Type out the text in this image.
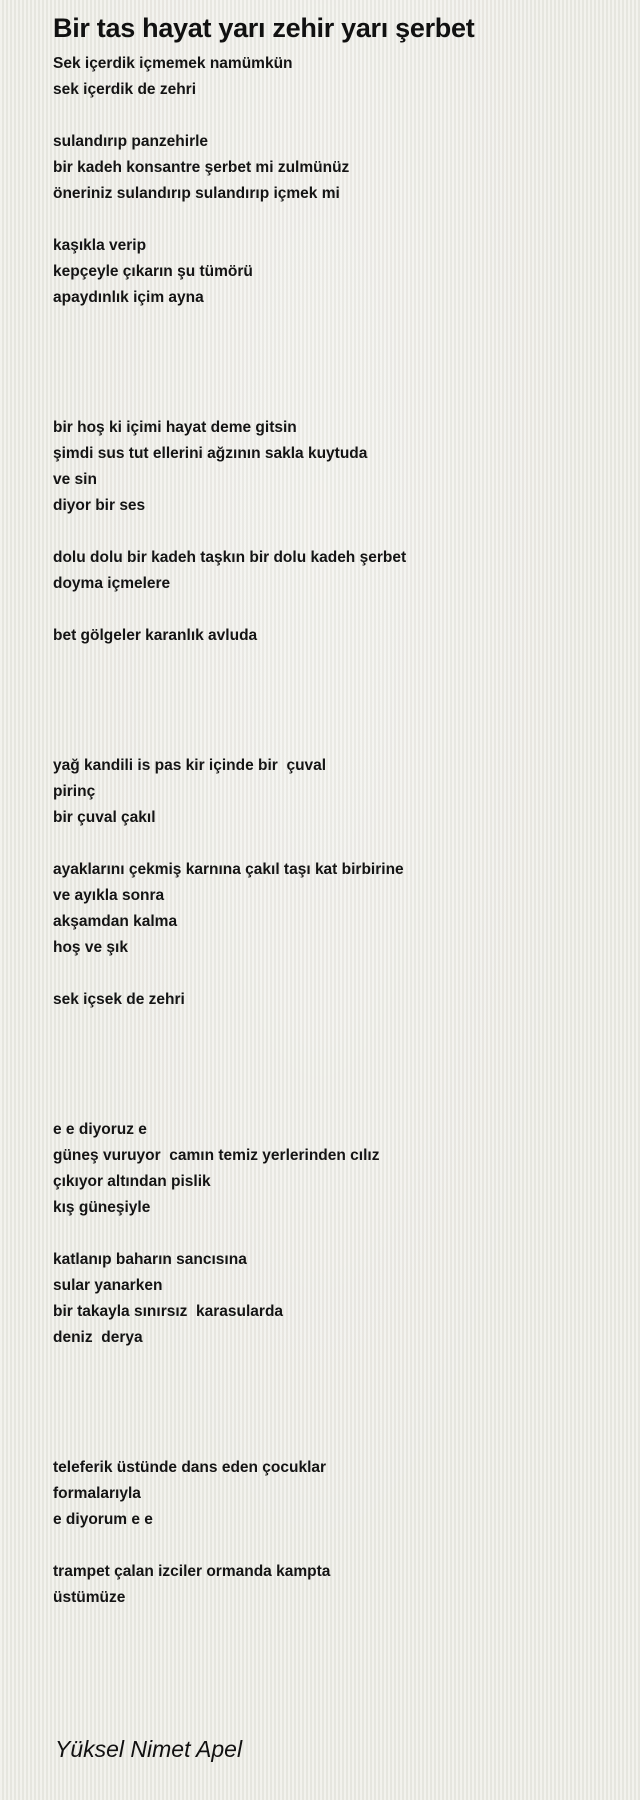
Bir tas hayat yarı zehir yarı şerbet
Sek içerdik içmemek namümkün
sek içerdik de zehri
sulandırıp panzehirle
bir kadeh konsantre şerbet mi zulmünüz
öneriniz sulandırıp sulandırıp içmek mi
kaşıkla verip
kepçeyle çıkarın şu tümörü
apaydınlık içim ayna
bir hoş ki içimi hayat deme gitsin
şimdi sus tut ellerini ağzının sakla kuytuda
ve sin
diyor bir ses
dolu dolu bir kadeh taşkın bir dolu kadeh şerbet
doyma içmelere
bet gölgeler karanlık avluda
yağ kandili is pas kir içinde bir  çuval
pirinç
bir çuval çakıl
ayaklarını çekmiş karnına çakıl taşı kat birbirine
ve ayıkla sonra
akşamdan kalma
hoş ve şık
sek içsek de zehri
e e diyoruz e
güneş vuruyor  camın temiz yerlerinden cılız
çıkıyor altından pislik
kış güneşiyle
katlanıp baharın sancısına
sular yanarken
bir takayla sınırsız  karasularda
deniz  derya
teleferik üstünde dans eden çocuklar
formalarıyla
e diyorum e e
trampet çalan izciler ormanda kampta
üstümüze
Yüksel Nimet Apel
